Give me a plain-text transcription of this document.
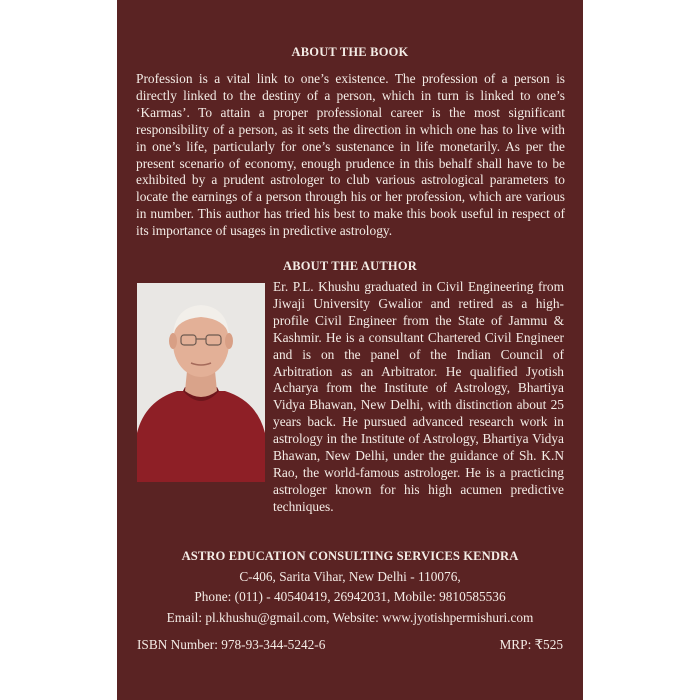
ABOUT THE BOOK

Profession is a vital link to one’s existence. The profession of a person is directly linked to the destiny of a person, which in turn is linked to one’s ‘Karmas’. To attain a proper professional career is the most significant responsibility of a person, as it sets the direction in which one has to live with in one’s life, particularly for one’s sustenance in life monetarily. As per the present scenario of economy, enough prudence in this behalf shall have to be exhibited by a prudent astrologer to club various astrological parameters to locate the earnings of a person through his or her profession, which are various in number. This author has tried his best to make this book useful in respect of its importance of usages in predictive astrology.

ABOUT THE AUTHOR

Er. P.L. Khushu graduated in Civil Engineering from Jiwaji University Gwalior and retired as a high-profile Civil Engineer from the State of Jammu & Kashmir. He is a consultant Chartered Civil Engineer and is on the panel of the Indian Council of Arbitration as an Arbitrator. He qualified Jyotish Acharya from the Institute of Astrology, Bhartiya Vidya Bhawan, New Delhi, with distinction about 25 years back. He pursued advanced research work in astrology in the Institute of Astrology, Bhartiya Vidya Bhawan, New Delhi, under the guidance of Sh. K.N Rao, the world-famous astrologer. He is a practicing astrologer known for his high acumen predictive techniques.

ASTRO EDUCATION CONSULTING SERVICES KENDRA
C-406, Sarita Vihar, New Delhi - 110076,
Phone: (011) - 40540419, 26942031, Mobile: 9810585536
Email: pl.khushu@gmail.com, Website: www.jyotishpermishuri.com
ISBN Number: 978-93-344-5242-6	MRP: ₹525
